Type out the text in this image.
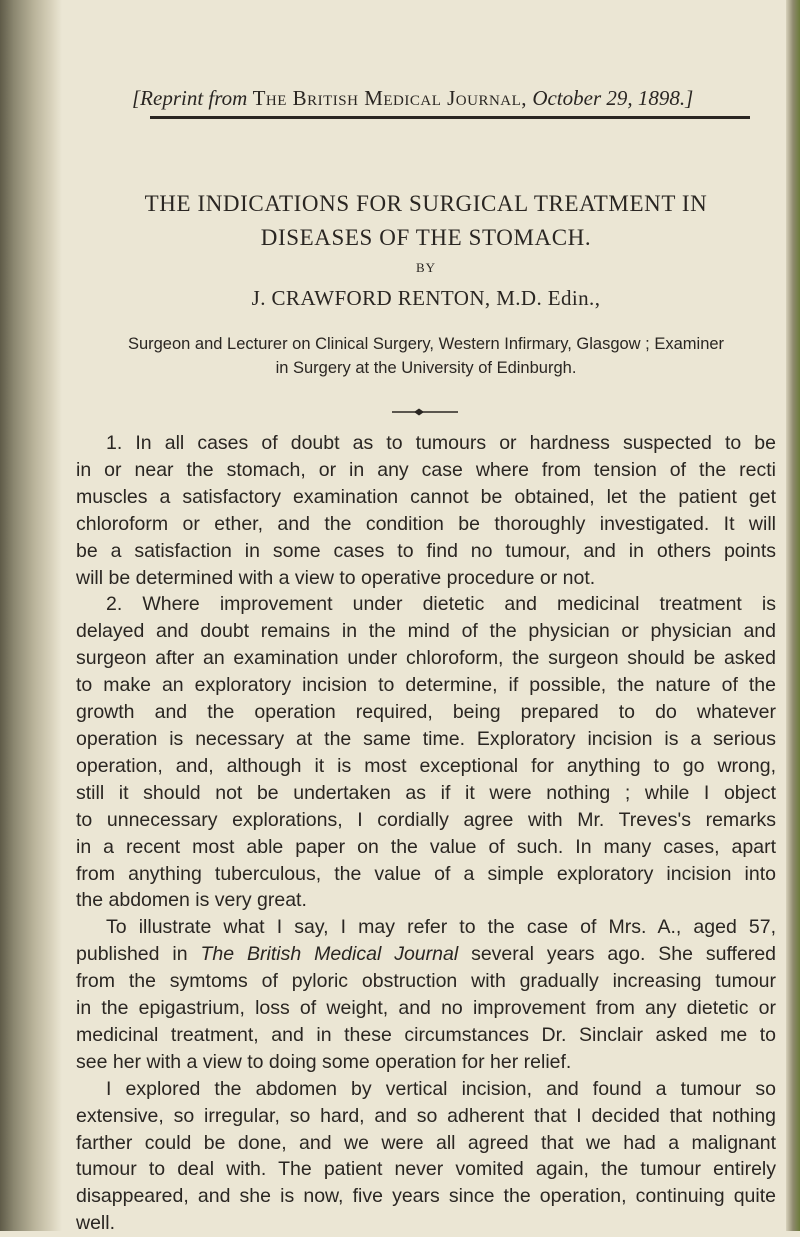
[Reprint from The British Medical Journal, October 29, 1898.]
THE INDICATIONS FOR SURGICAL TREATMENT IN
DISEASES OF THE STOMACH.
BY
J. CRAWFORD RENTON, M.D. Edin.,
Surgeon and Lecturer on Clinical Surgery, Western Infirmary, Glasgow ; Examiner
in Surgery at the University of Edinburgh.
1. In all cases of doubt as to tumours or hardness suspected to be
in or near the stomach, or in any case where from tension of the recti
muscles a satisfactory examination cannot be obtained, let the patient get
chloroform or ether, and the condition be thoroughly investigated. It will
be a satisfaction in some cases to find no tumour, and in others points
will be determined with a view to operative procedure or not.
2. Where improvement under dietetic and medicinal treatment is
delayed and doubt remains in the mind of the physician or physician and
surgeon after an examination under chloroform, the surgeon should be asked
to make an exploratory incision to determine, if possible, the nature of the
growth and the operation required, being prepared to do whatever
operation is necessary at the same time. Exploratory incision is a serious
operation, and, although it is most exceptional for anything to go wrong,
still it should not be undertaken as if it were nothing ; while I object
to unnecessary explorations, I cordially agree with Mr. Treves's remarks
in a recent most able paper on the value of such. In many cases, apart
from anything tuberculous, the value of a simple exploratory incision into
the abdomen is very great.
To illustrate what I say, I may refer to the case of Mrs. A., aged 57,
published in The British Medical Journal several years ago. She suffered
from the symtoms of pyloric obstruction with gradually increasing tumour
in the epigastrium, loss of weight, and no improvement from any dietetic or
medicinal treatment, and in these circumstances Dr. Sinclair asked me to
see her with a view to doing some operation for her relief.
I explored the abdomen by vertical incision, and found a tumour so
extensive, so irregular, so hard, and so adherent that I decided that nothing
farther could be done, and we were all agreed that we had a malignant
tumour to deal with. The patient never vomited again, the tumour entirely
disappeared, and she is now, five years since the operation, continuing quite
well.
